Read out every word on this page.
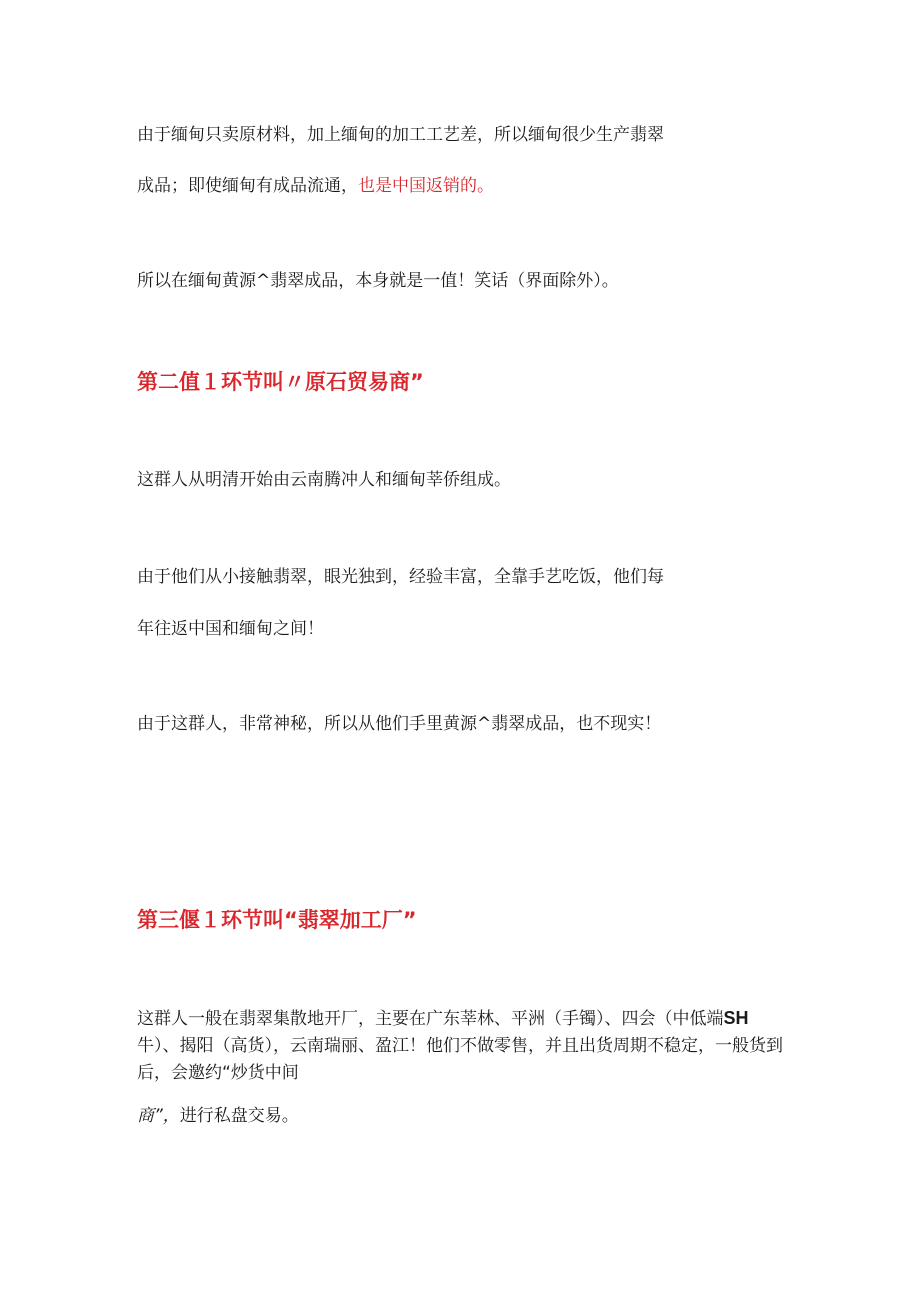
由于缅甸只卖原材料，加上缅甸的加工工艺差，所以缅甸很少生产翡翠
成品；即使缅甸有成品流通，也是中国返销的。
所以在缅甸黄源^翡翠成品，本身就是一值！笑话（界面除外）。
第二值１环节叫〃原石贸易商”
这群人从明清开始由云南腾冲人和缅甸莘侨组成。
由于他们从小接触翡翠，眼光独到，经验丰富，全靠手艺吃饭，他们每
年往返中国和缅甸之间！
由于这群人，非常神秘，所以从他们手里黄源^翡翠成品，也不现实！
第三偃１环节叫“翡翠加工厂”
这群人一般在翡翠集散地开厂，主要在广东莘林、平洲（手镯）、四会（中低端SH牛）、揭阳（高货），云南瑞丽、盈江！他们不做零售，并且出货周期不稳定，一般货到后，会邀约“炒货中间
商”，进行私盘交易。
